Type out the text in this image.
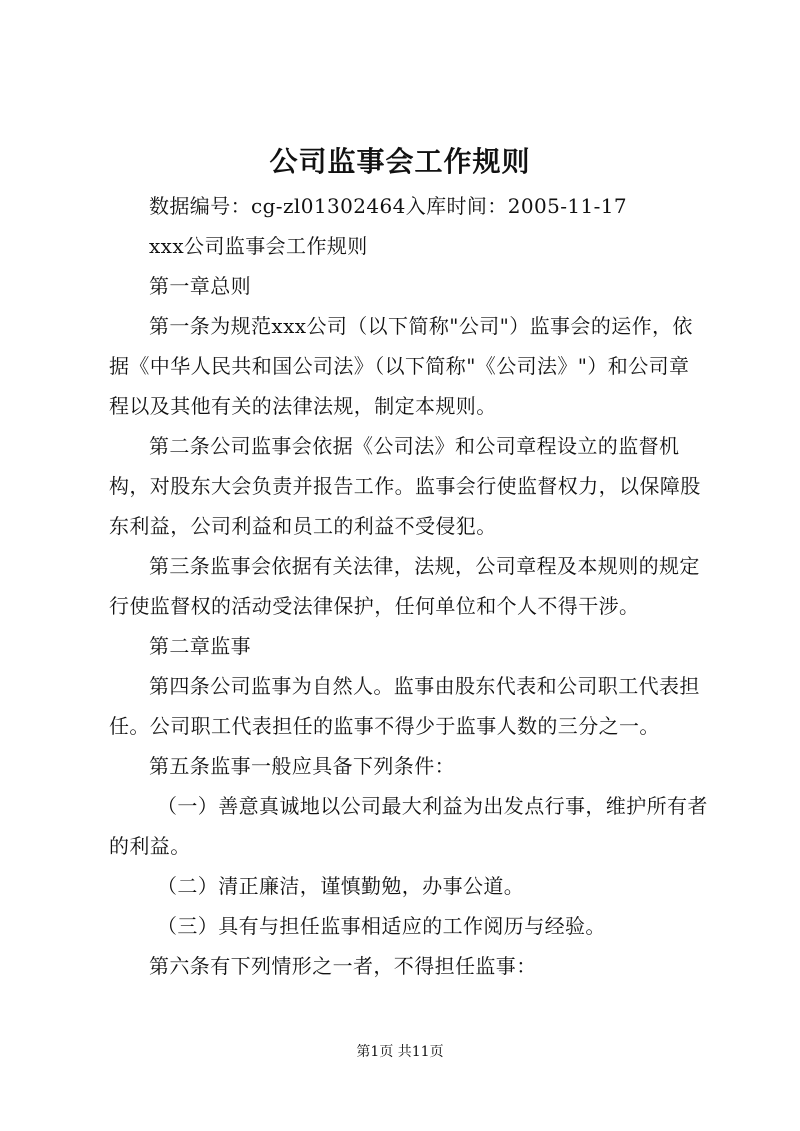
公司监事会工作规则

数据编号：cg-zl01302464入库时间：2005-11-17

xxx公司监事会工作规则

第一章总则

第一条为规范xxx公司（以下简称"公司"）监事会的运作，依据《中华人民共和国公司法》（以下简称"《公司法》"）和公司章程以及其他有关的法律法规，制定本规则。

第二条公司监事会依据《公司法》和公司章程设立的监督机构，对股东大会负责并报告工作。监事会行使监督权力，以保障股东利益，公司利益和员工的利益不受侵犯。

第三条监事会依据有关法律，法规，公司章程及本规则的规定行使监督权的活动受法律保护，任何单位和个人不得干涉。

第二章监事

第四条公司监事为自然人。监事由股东代表和公司职工代表担任。公司职工代表担任的监事不得少于监事人数的三分之一。

第五条监事一般应具备下列条件：

（一）善意真诚地以公司最大利益为出发点行事，维护所有者的利益。

（二）清正廉洁，谨慎勤勉，办事公道。

（三）具有与担任监事相适应的工作阅历与经验。

第六条有下列情形之一者，不得担任监事：

第1页 共11页
